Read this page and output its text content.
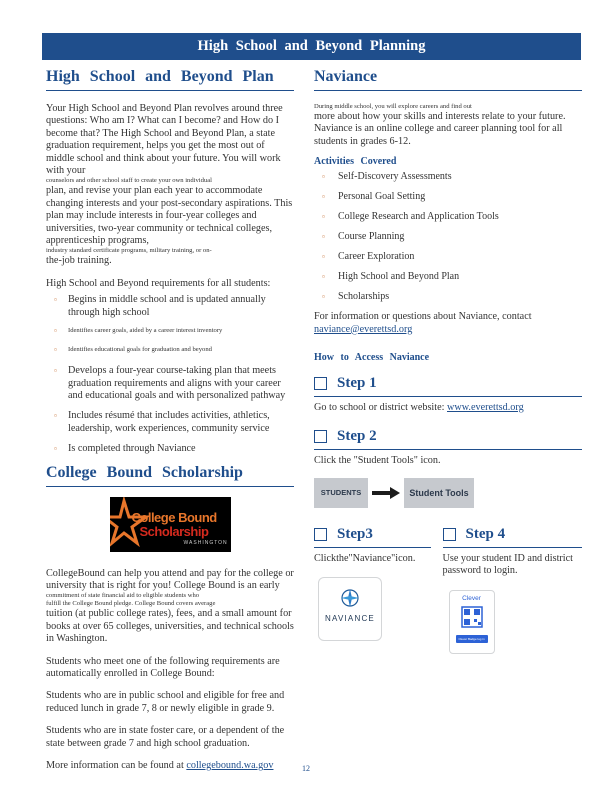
High School and Beyond Planning
High School and Beyond Plan

Your High School and Beyond Plan revolves around three questions: Who am I? What can I become? and How do I become that? The High School and Beyond Plan, a state graduation requirement, helps you get the most out of middle school and think about your future. You will work with your

counselors and other school staff to create your own individual

plan, and revise your plan each year to accommodate changing interests and your post-secondary aspirations. This plan may include interests in four-year colleges and universities, two-year community or technical colleges, apprenticeship programs,

industry standard certificate programs, military training, or on-

the-job training.

High School and Beyond requirements for all students:

▫ Begins in middle school and is updated annually through high school
▫ Identifies career goals, aided by a career interest inventory
▫ Identifies educational goals for graduation and beyond
▫ Develops a four-year course-taking plan that meets graduation requirements and aligns with your career and educational goals and with personalized pathway
▫ Includes résumé that includes activities, athletics, leadership, work experiences, community service
▫ Is completed through Naviance
College Bound Scholarship
College Bound
Scholarship
WASHINGTON

CollegeBound can help you attend and pay for the college or university that is right for you! College Bound is an early

commitment of state financial aid to eligible students who

fulfill the College Bound pledge. College Bound covers average

tuition (at public college rates), fees, and a small amount for books at over 65 colleges, universities, and technical schools in Washington.

Students who meet one of the following requirements are automatically enrolled in College Bound:

Students who are in public school and eligible for free and reduced lunch in grade 7, 8 or newly eligible in grade 9.

Students who are in state foster care, or a dependent of the state between grade 7 and high school graduation.

More information can be found at collegebound.wa.gov

Naviance

During middle school, you will explore careers and find out

more about how your skills and interests relate to your future. Naviance is an online college and career planning tool for all students in grades 6-12.

Activities Covered
▫ Self-Discovery Assessments
▫ Personal Goal Setting
▫ College Research and Application Tools
▫ Course Planning
▫ Career Exploration
▫ High School and Beyond Plan
▫ Scholarships

For information or questions about Naviance, contact naviance@everettsd.org

How to Access Naviance
Step 1

Go to school or district website: www.everettsd.org

Step 2

Click the "Student Tools" icon.

STUDENTS	Student Tools
Step3

Clickthe"Naviance"icon.

NAVIANCE
Step 4

Use your student ID and district password to login.

Clever
Clever Badge log in
12
